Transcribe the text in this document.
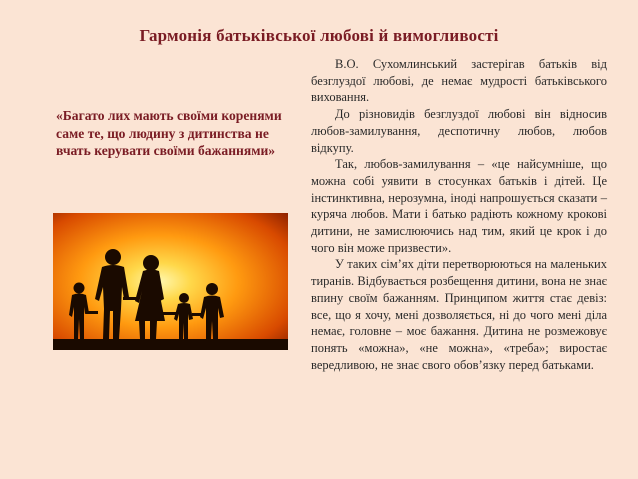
Гармонія батьківської любові й вимогливості
«Багато лих мають своїми коренями саме те, що людину з дитинства не вчать керувати своїми бажаннями»

В.О. Сухомлинський застерігав батьків від безглуздої любові, де немає мудрості батьківського виховання.

До різновидів безглуздої любові він відносив любов-замилування, деспотичну любов, любов відкупу.

Так, любов-замилування – «це найсумніше, що можна собі уявити в стосунках батьків і дітей. Це інстинктивна, нерозумна, іноді напрошується сказати – куряча любов. Мати і батько радіють кожному крокові дитини, не замислюючись над тим, який це крок і до чого він може призвести».

У таких сім’ях діти перетворюються на маленьких тиранів. Відбувається розбещення дитини, вона не знає впину своїм бажанням. Принципом життя стає девіз: все, що я хочу, мені дозволяється, ні до чого мені діла немає, головне – моє бажання. Дитина не розмежовує понять «можна», «не можна», «треба»; виростає вередливою, не знає свого обов’язку перед батьками.
